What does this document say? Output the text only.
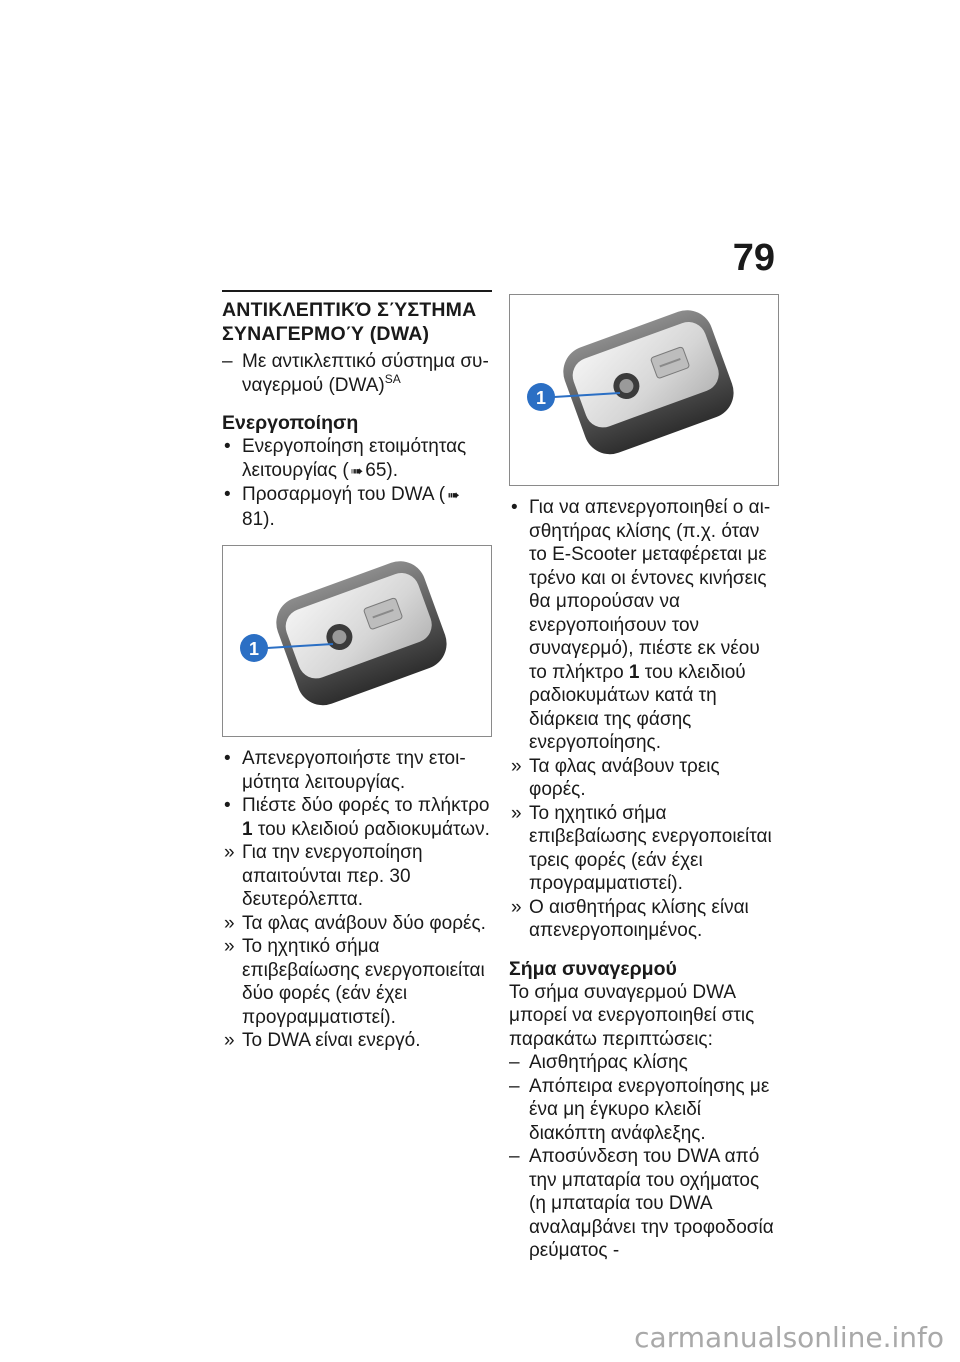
79
ΑΝΤΙΚΛΕΠΤΙΚΌ ΣΎΣΤΗΜΑ
ΣΥΝΑΓΕΡΜΟΎ (DWA)
– Με αντικλεπτικό σύστημα συναγερμού (DWA)$^{SA}$
Ενεργοποίηση
• Ενεργοποίηση ετοιμότητας λειτουργίας ( ➠ 65).
• Προσαρμογή του DWA ( ➠81).
1
• Απενεργοποιήστε την ετοιμότητα λειτουργίας.
• Πιέστε δύο φορές το πλήκτρο 1 του κλειδιού ραδιοκυμάτων.
» Για την ενεργοποίηση απαιτούνται περ. 30 δευτερόλεπτα.
» Τα φλας ανάβουν δύο φορές.
» Το ηχητικό σήμα επιβεβαίωσης ενεργοποιείται δύο φορές (εάν έχει προγραμματιστεί).
» Το DWA είναι ενεργό.
1
• Για να απενεργοποιηθεί ο αισθητήρας κλίσης (π.χ. όταν το E-Scooter μεταφέρεται με τρένο και οι έντονες κινήσεις θα μπορούσαν να ενεργοποιήσουν τον συναγερμό), πιέστε εκ νέου το πλήκτρο 1 του κλειδιού ραδιοκυμάτων κατά τη διάρκεια της φάσης ενεργοποίησης.
» Τα φλας ανάβουν τρεις φορές.
» Το ηχητικό σήμα επιβεβαίωσης ενεργοποιείται τρεις φορές (εάν έχει προγραμματιστεί).
» Ο αισθητήρας κλίσης είναι απενεργοποιημένος.
Σήμα συναγερμού

Το σήμα συναγερμού DWA μπορεί να ενεργοποιηθεί στις παρακάτω περιπτώσεις:

– Αισθητήρας κλίσης
– Απόπειρα ενεργοποίησης με ένα μη έγκυρο κλειδί διακόπτη ανάφλεξης.
– Αποσύνδεση του DWA από την μπαταρία του οχήματος (η μπαταρία του DWA αναλαμβάνει την τροφοδοσία ρεύματος -
carmanualsonline.info
